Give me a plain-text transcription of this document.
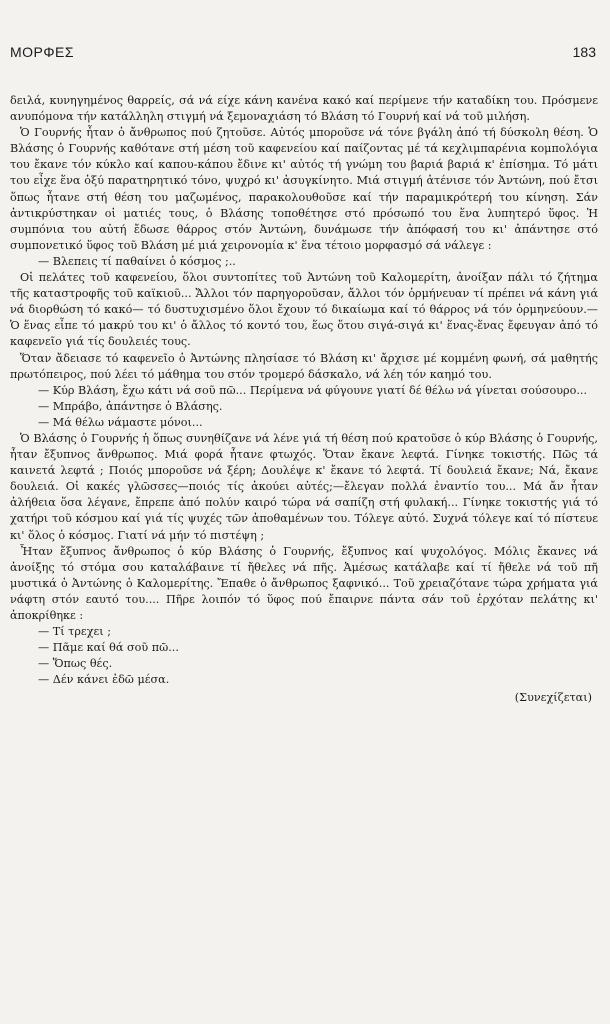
ΜΟΡΦΕΣ	183

δειλά, κυνηγημένος θαρρείς, σά νά είχε κάνη κανένα κακό καί περίμενε τήν καταδίκη του. Πρόσμενε ανυπόμονα τήν κατάλληλη στιγμή νά ξεμοναχιάση τό Βλάση τό Γουρνή καί νά τοῦ μιλήση.

Ὁ Γουρνής ἦταν ὁ ἄνθρωπος πού ζητοῦσε. Αὐτός μποροῦσε νά τόνε βγάλη ἀπό τή δύσκολη θέση. Ὁ Βλάσης ὁ Γουρνής καθότανε στή μέση τοῦ καφενείου καί παίζοντας μέ τά κεχλιμπαρένια κομπολόγια του ἔκανε τόν κύκλο καί καπου-κάπου ἔδινε κι' αὐτός τή γνώμη του βαριά βαριά κ' ἐπίσημα. Τό μάτι του εἶχε ἕνα ὀξύ παρατηρητικό τόνο, ψυχρό κι' ἀσυγκίνητο. Μιά στιγμή ἀτένισε τόν Ἀντώνη, πού ἔτσι ὅπως ἦτανε στή θέση του μαζωμένος, παρακολουθοῦσε καί τήν παραμικρότερή του κίνηση. Σάν ἀντικρύστηκαν οἱ ματιές τους, ὁ Βλάσης τοποθέτησε στό πρόσωπό του ἕνα λυπητερό ὕφος. Ἡ συμπόνια του αὐτή ἔδωσε θάρρος στόν Ἀντώνη, δυνάμωσε τήν ἀπόφασή του κι' ἀπάντησε στό συμπονετικό ὕφος τοῦ Βλάση μέ μιά χειρονομία κ' ἕνα τέτοιο μορφασμό σά νάλεγε :

— Βλεπεις τί παθαίνει ὁ κόσμος ;..

Οἱ πελάτες τοῦ καφενείου, ὅλοι συντοπίτες τοῦ Ἀντώνη τοῦ Καλομερίτη, ἀνοίξαν πάλι τό ζήτημα τῆς καταστροφῆς τοῦ καϊκιοῦ... Ἄλλοι τόν παρηγοροῦσαν, ἄλλοι τόν ὁρμήνευαν τί πρέπει νά κάνη γιά νά διορθώση τό κακό— τό δυστυχισμένο ὅλοι ἔχουν τό δικαίωμα καί τό θάρρος νά τόν ὁρμηνεύουν.—Ὁ ἕνας εἶπε τό μακρύ του κι' ὁ ἄλλος τό κοντό του, ἕως ὅτου σιγά-σιγά κι' ἕνας-ἕνας ἔφευγαν ἀπό τό καφενεῖο γιά τίς δουλειές τους.

Ὅταν ἄδειασε τό καφενεῖο ὁ Ἀντώνης πλησίασε τό Βλάση κι' ἄρχισε μέ κομμένη φωνή, σά μαθητής πρωτόπειρος, πού λέει τό μάθημα του στόν τρομερό δάσκαλο, νά λέη τόν καημό του.

— Κύρ Βλάση, ἔχω κάτι νά σοῦ πῶ... Περίμενα νά φύγουνε γιατί δέ θέλω νά γίνεται σούσουρο...

— Μπράβο, ἀπάντησε ὁ Βλάσης.

— Μά θέλω νάμαστε μόνοι...

Ὁ Βλάσης ὁ Γουρνής ἡ ὅπως συνηθίζανε νά λένε γιά τή θέση πού κρατοῦσε ὁ κύρ Βλάσης ὁ Γουρνής, ἦταν ἔξυπνος ἄνθρωπος. Μιά φορά ἦτανε φτωχός. Ὅταν ἔκανε λεφτά. Γίνηκε τοκιστής. Πῶς τά καινετά λεφτά ; Ποιός μποροῦσε νά ξέρη; Δουλέψε κ' ἔκανε τό λεφτά. Τί δουλειά ἔκανε; Νά, ἔκανε δουλειά. Οἱ κακές γλῶσσες—ποιός τίς ἀκούει αὐτές;—ἔλεγαν πολλά ἐναντίο του... Μά ἄν ἦταν ἀλήθεια ὅσα λέγανε, ἔπρεπε ἀπό πολύν καιρό τώρα νά σαπίζη στή φυλακή... Γίνηκε τοκιστής γιά τό χατήρι τοῦ κόσμου καί γιά τίς ψυχές τῶν ἀποθαμένων του. Τόλεγε αὐτό. Συχνά τόλεγε καί τό πίστευε κι' ὅλος ὁ κόσμος. Γιατί νά μήν τό πιστέψη ;

Ἦταν ἔξυπνος ἄνθρωπος ὁ κύρ Βλάσης ὁ Γουρνής, ἔξυπνος καί ψυχολόγος. Μόλις ἔκανες νά ἀνοίξης τό στόμα σου καταλάβαινε τί ἤθελες νά πῆς. Ἀμέσως κατάλαβε καί τί ἤθελε νά τοῦ πῆ μυστικά ὁ Ἀντώνης ὁ Καλομερίτης. Ἔπαθε ὁ ἄνθρωπος ξαφνικό... Τοῦ χρειαζότανε τώρα χρήματα γιά νάφτη στόν εαυτό του.... Πῆρε λοιπόν τό ὕφος πού ἔπαιρνε πάντα σάν τοῦ ἐρχόταν πελάτης κι' ἀποκρίθηκε :

— Τί τρεχει ;

— Πᾶμε καί θά σοῦ πῶ...

— Ὅπως θές.

— Δέν κάνει ἐδῶ μέσα.

(Συνεχίζεται)
